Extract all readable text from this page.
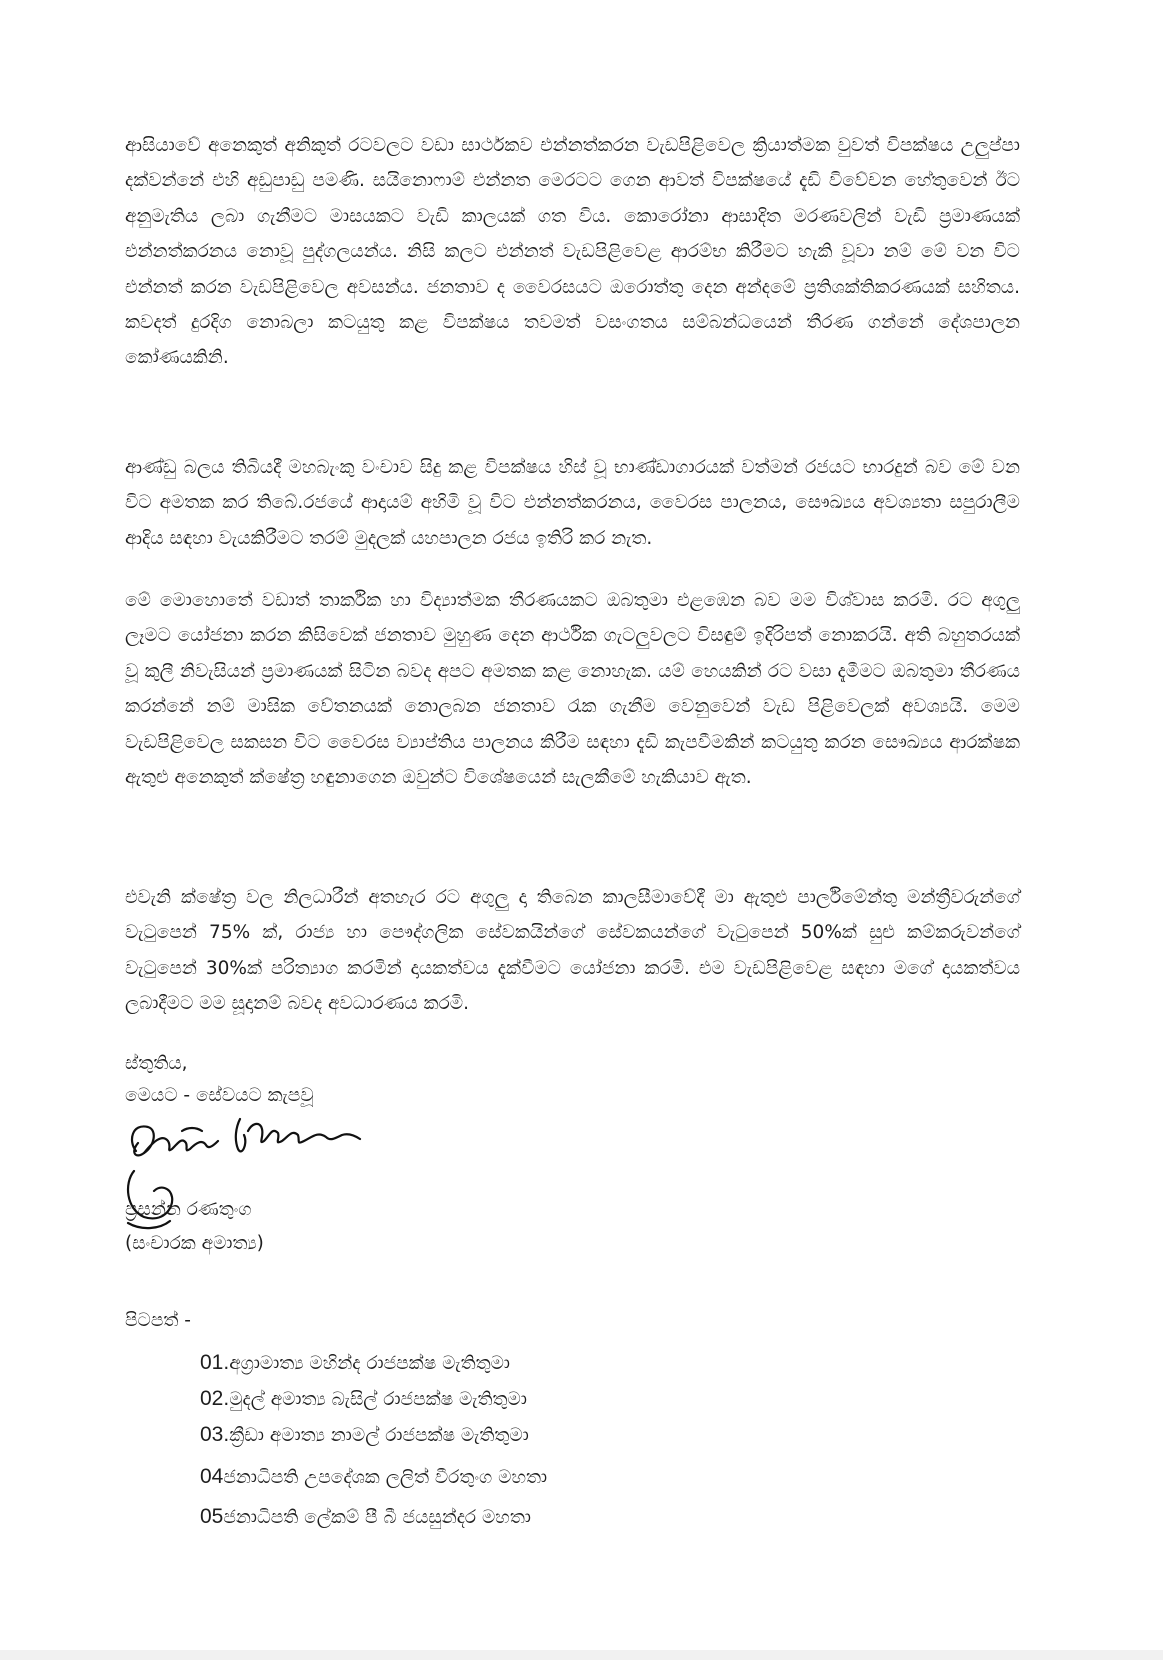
ආසියාවේ අනෙකුත් අනිකුත් රටවලට වඩා සාර්ථකව එන්නත්කරන වැඩපිළිවෙල ක්‍රියාත්මක වුවත් විපක්ෂය උලුප්පා දක්වන්නේ එහි අඩුපාඩු පමණි. සයිනොෆාම් එන්නත මෙරටට ගෙන ආවත් විපක්ෂයේ දැඩි විවේචන හේතුවෙන් ඊට අනුමැතිය ලබා ගැනීමට මාසයකට වැඩි කාලයක් ගත විය. කොරෝනා ආසාදිත මරණවලින් වැඩි ප්‍රමාණයක් එන්නත්කරනය නොවූ පුද්ගලයන්ය. නිසි කලට එන්නත් වැඩපිළිවෙළ ආරම්භ කිරීමට හැකි වූවා නම් මේ වන විට එන්නත් කරන වැඩපිළිවෙල අවසන්ය. ජනතාව ද වෛරසයට ඔරොත්තු දෙන අන්දමේ ප්‍රතිශක්තිකරණයක් සහිතය. කවදත් දුරදිග නොබලා කටයුතු කළ විපක්ෂය තවමත් වසංගතය සම්බන්ධයෙන් තීරණ ගන්නේ දේශපාලන කෝණයකිනි.

ආණ්ඩු බලය තිබියදී මහබැංකු වංචාව සිදු කළ විපක්ෂය හිස් වූ භාණ්ඩාගාරයක් වත්මන් රජයට භාරදුන් බව මේ වන විට අමතක කර තිබේ.රජයේ ආදායම් අහිමි වූ විට එන්නත්කරනය, වෛරස පාලනය, සෞඛ්‍යය අවශ්‍යතා සපුරාලීම ආදිය සඳහා වැයකිරීමට තරම් මුදලක් යහපාලන රජය ඉතිරි කර නැත.

මේ මොහොතේ වඩාත් තාර්කික හා විද්‍යාත්මක තීරණයකට ඔබතුමා එළඹෙන බව මම විශ්වාස කරමි. රට අගුලු ලෑමට යෝජනා කරන කිසිවෙක් ජනතාව මුහුණ දෙන ආර්ථික ගැටලුවලට විසඳුම් ඉදිරිපත් නොකරයි. අති බහුතරයක් වූ කුලී නිවැසියන් ප්‍රමාණයක් සිටින බවද අපට අමතක කළ නොහැක. යම් හෙයකින් රට වසා දැමීමට ඔබතුමා තීරණය කරන්නේ නම් මාසික වේතනයක් නොලබන ජනතාව රැක ගැනීම වෙනුවෙන් වැඩ පිළිවෙලක් අවශ්‍යයි. මෙම වැඩපිළිවෙල සකසන විට වෛරස ව්‍යාප්තිය පාලනය කිරීම සඳහා දැඩි කැපවීමකින් කටයුතු කරන සෞඛ්‍යය ආරක්ෂක ඇතුළු අනෙකුත් ක්ෂේත්‍ර හඳුනාගෙන ඔවුන්ට විශේෂයෙන් සැලකීමේ හැකියාව ඇත.

එවැනි ක්ෂේත්‍ර වල නිලධාරීන් අතහැර රට අගුලු දා තිබෙන කාලසීමාවේදී මා ඇතුළු පාර්ලිමේන්තු මන්ත්‍රීවරුන්ගේ වැටුපෙන් 75% ක්, රාජ්‍ය හා පෞද්ගලික සේවකයින්ගේ සේවකයන්ගේ වැටුපෙන් 50%ක් සුළු කම්කරුවන්ගේ වැටුපෙන් 30%ක් පරිත්‍යාග කරමින් දායකත්වය දැක්වීමට යෝජනා කරමි. එම වැඩපිළිවෙළ සඳහා මගේ දායකත්වය ලබාදීමට මම සූදානම් බවද අවධාරණය කරමි.

ස්තුතිය,
මෙයට - සේවයට කැපවූ
ප්‍රසන්න රණතුංග
(සංචාරක අමාත්‍ය)

පිටපත් -

01.අග්‍රාමාත්‍ය මහින්ද රාජපක්ෂ මැතිතුමා
02.මුදල් අමාත්‍ය බැසිල් රාජපක්ෂ මැතිතුමා
03.ක්‍රීඩා අමාත්‍ය නාමල් රාජපක්ෂ මැතිතුමා
04ජනාධිපති උපදේශක ලලිත් වීරතුංග මහතා
05ජනාධිපති ලේකම් පී බී ජයසුන්දර මහතා
